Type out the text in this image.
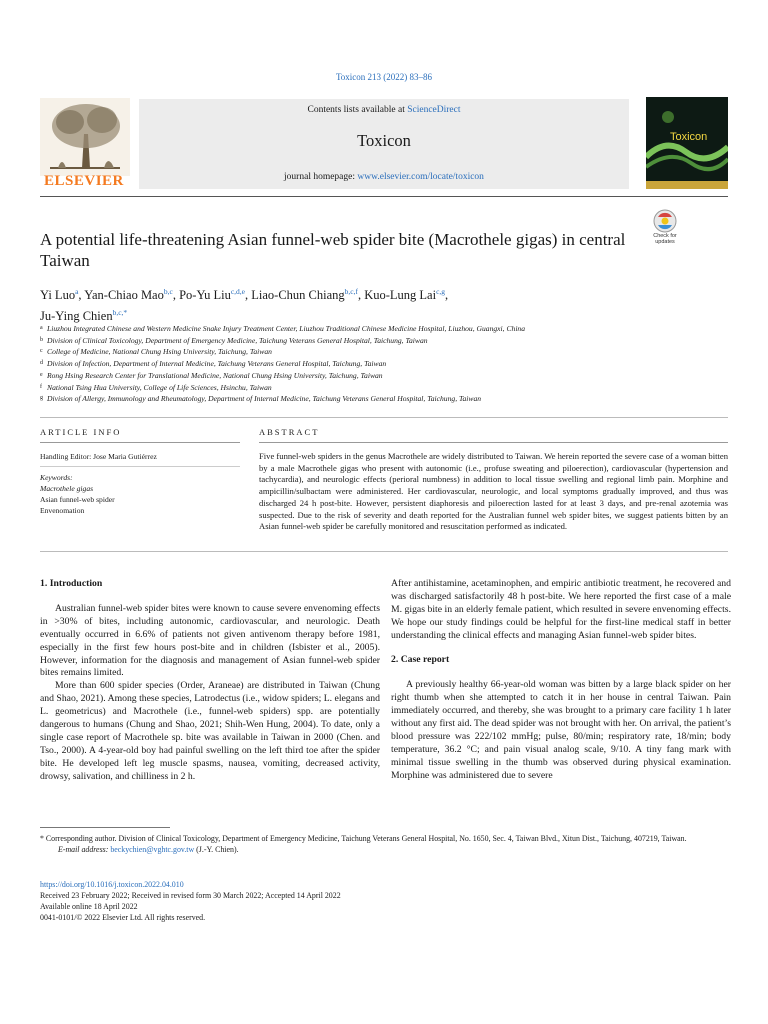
Toxicon 213 (2022) 83–86
ELSEVIER
Contents lists available at ScienceDirect
Toxicon
journal homepage: www.elsevier.com/locate/toxicon
Toxicon
A potential life-threatening Asian funnel-web spider bite (Macrothele gigas) in central Taiwan
Check for updates
Yi Luo$^a$, Yan-Chiao Mao$^{b,c}$, Po-Yu Liu$^{c,d,e}$, Liao-Chun Chiang$^{b,c,f}$, Kuo-Lung Lai$^{c,g}$,
Ju-Ying Chien$^{b,c,*}$
a Liuzhou Integrated Chinese and Western Medicine Snake Injury Treatment Center, Liuzhou Traditional Chinese Medicine Hospital, Liuzhou, Guangxi, China
b Division of Clinical Toxicology, Department of Emergency Medicine, Taichung Veterans General Hospital, Taichung, Taiwan
c College of Medicine, National Chung Hsing University, Taichung, Taiwan
d Division of Infection, Department of Internal Medicine, Taichung Veterans General Hospital, Taichung, Taiwan
e Rong Hsing Research Center for Translational Medicine, National Chung Hsing University, Taichung, Taiwan
f National Tsing Hua University, College of Life Sciences, Hsinchu, Taiwan
g Division of Allergy, Immunology and Rheumatology, Department of Internal Medicine, Taichung Veterans General Hospital, Taichung, Taiwan
ARTICLE INFO	ABSTRACT
Handling Editor: Jose Maria Gutiérrez
Keywords:
Macrothele gigas
Asian funnel-web spider
Envenomation
Five funnel-web spiders in the genus Macrothele are widely distributed to Taiwan. We herein reported the severe case of a woman bitten by a male Macrothele gigas who present with autonomic (i.e., profuse sweating and piloerection), cardiovascular (hypertension and tachycardia), and neurologic effects (perioral numbness) in addition to local tissue swelling and regional limb pain. Morphine and ampicillin/sulbactam were administered. Her cardiovascular, neurologic, and local symptoms gradually improved, and thus was discharged 24 h post-bite. However, persistent diaphoresis and piloerection lasted for at least 3 days, and pre-renal azotemia was suspected. Due to the risk of severity and death reported for the Australian funnel web spider bites, we suggest patients bitten by an Asian funnel-web spider be carefully monitored and resuscitation performed as indicated.
1. Introduction

Australian funnel-web spider bites were known to cause severe envenoming effects in >30% of bites, including autonomic, cardiovascular, and neurologic. Death eventually occurred in 6.6% of patients not given antivenom therapy before 1981, especially in the first few hours post-bite and in children (Isbister et al., 2005). However, information for the diagnosis and management of Asian funnel-web spider bites remains limited.

More than 600 spider species (Order, Araneae) are distributed in Taiwan (Chung and Shao, 2021). Among these species, Latrodectus (i.e., widow spiders; L. elegans and L. geometricus) and Macrothele (i.e., funnel-web spiders) spp. are potentially dangerous to humans (Chung and Shao, 2021; Shih-Wen Hung, 2004). To date, only a single case report of Macrothele sp. bite was available in Taiwan in 2000 (Chen. and Tso., 2000). A 4-year-old boy had painful swelling on the left third toe after the spider bite. He developed left leg muscle spasms, nausea, vomiting, decreased activity, drowsy, salivation, and chilliness in 2 h.

After antihistamine, acetaminophen, and empiric antibiotic treatment, he recovered and was discharged satisfactorily 48 h post-bite. We here reported the first case of a male M. gigas bite in an elderly female patient, which resulted in severe envenoming effects. We hope our study findings could be helpful for the first-line medical staff in better understanding the clinical effects and managing Asian funnel-web spider bites.

2. Case report

A previously healthy 66-year-old woman was bitten by a large black spider on her right thumb when she attempted to catch it in her house in central Taiwan. Pain immediately occurred, and thereby, she was brought to a primary care facility 1 h later without any first aid. The dead spider was not brought with her. On arrival, the patient’s blood pressure was 222/102 mmHg; pulse, 80/min; respiratory rate, 18/min; body temperature, 36.2 °C; and pain visual analog scale, 9/10. A tiny fang mark with minimal tissue swelling in the thumb was observed during physical examination. Morphine was administered due to severe

* Corresponding author. Division of Clinical Toxicology, Department of Emergency Medicine, Taichung Veterans General Hospital, No. 1650, Sec. 4, Taiwan Blvd., Xitun Dist., Taichung, 407219, Taiwan.
E-mail address: beckychien@vghtc.gov.tw (J.-Y. Chien).
https://doi.org/10.1016/j.toxicon.2022.04.010
Received 23 February 2022; Received in revised form 30 March 2022; Accepted 14 April 2022
Available online 18 April 2022
0041-0101/© 2022 Elsevier Ltd. All rights reserved.
